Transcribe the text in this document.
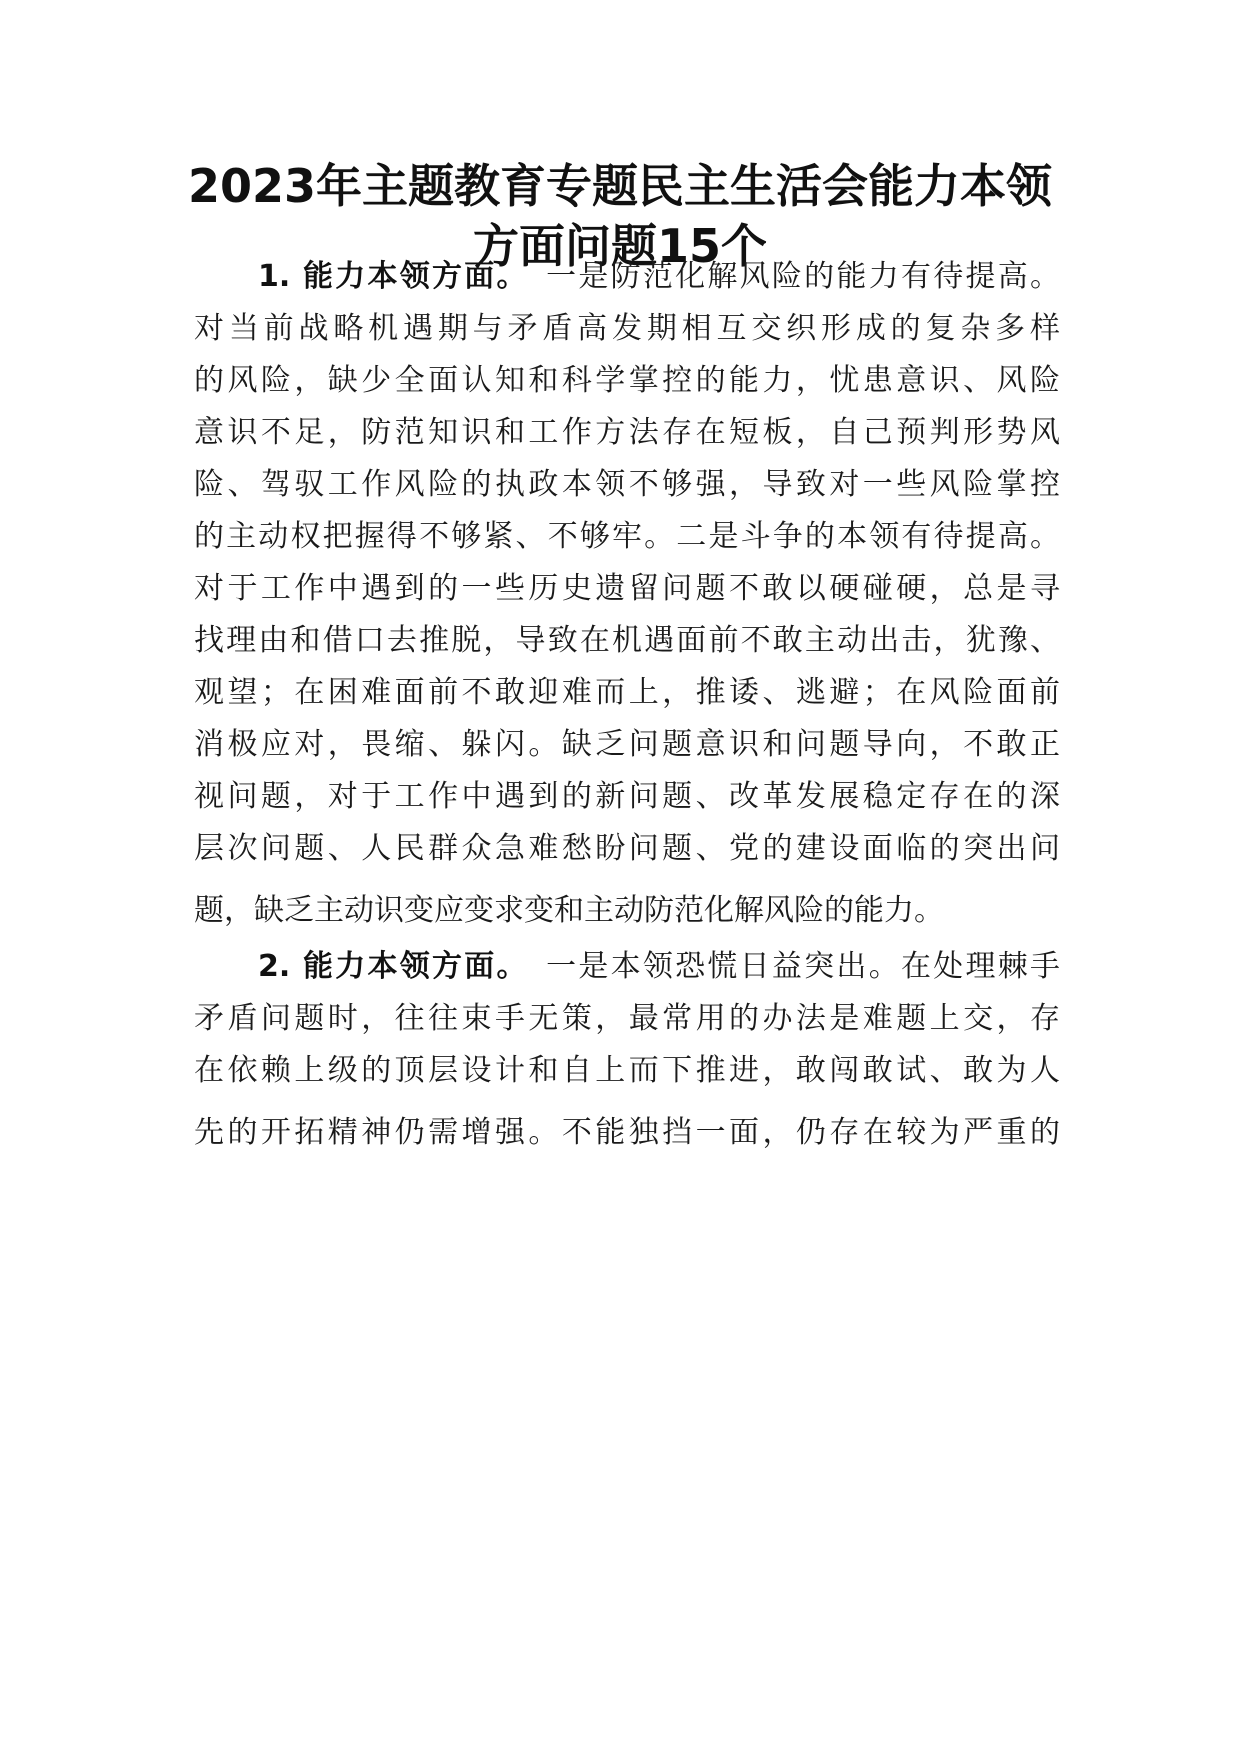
2023年主题教育专题民主生活会能力本领
方面问题15个
1. 能力本领方面。　 一是防范化解风险的能力有待提高。
对当前战略机遇期与矛盾高发期相互交织形成的复杂多样
的风险，缺少全面认知和科学掌控的能力，忧患意识、风险
意识不足，防范知识和工作方法存在短板，自己预判形势风
险、驾驭工作风险的执政本领不够强，导致对一些风险掌控
的主动权把握得不够紧、不够牢。二是斗争的本领有待提高。
对于工作中遇到的一些历史遗留问题不敢以硬碰硬，总是寻
找理由和借口去推脱，导致在机遇面前不敢主动出击，犹豫、
观望；在困难面前不敢迎难而上，推诿、逃避；在风险面前
消极应对，畏缩、躲闪。缺乏问题意识和问题导向，不敢正
视问题，对于工作中遇到的新问题、改革发展稳定存在的深
层次问题、人民群众急难愁盼问题、党的建设面临的突出问
题，缺乏主动识变应变求变和主动防范化解风险的能力。
2. 能力本领方面。　 一是本领恐慌日益突出。在处理棘手
矛盾问题时，往往束手无策，最常用的办法是难题上交，存
在依赖上级的顶层设计和自上而下推进，敢闯敢试、敢为人
先的开拓精神仍需增强。不能独挡一面，仍存在较为严重的
